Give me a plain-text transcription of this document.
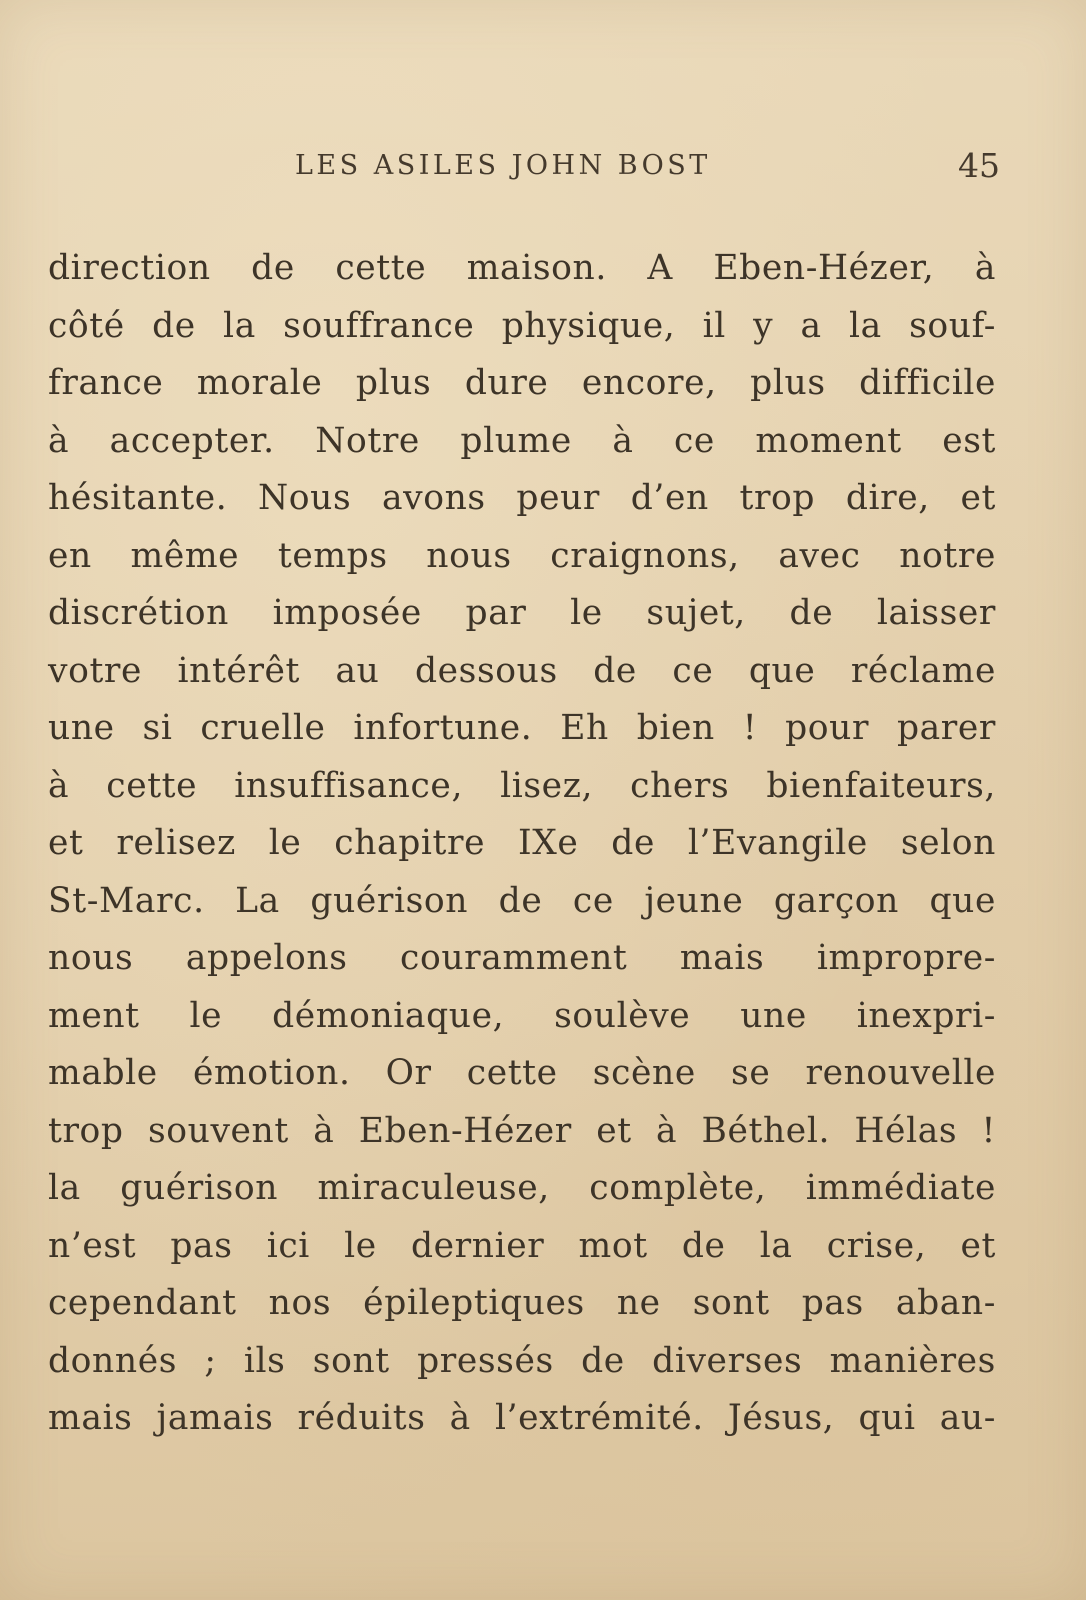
LES ASILES JOHN BOST	45
direction de cette maison. A Eben-Hézer, à
côté de la souffrance physique, il y a la souf-
france morale plus dure encore, plus difficile
à accepter. Notre plume à ce moment est
hésitante. Nous avons peur d’en trop dire, et
en même temps nous craignons, avec notre
discrétion imposée par le sujet, de laisser
votre intérêt au dessous de ce que réclame
une si cruelle infortune. Eh bien ! pour parer
à cette insuffisance, lisez, chers bienfaiteurs,
et relisez le chapitre IXe de l’Evangile selon
St-Marc. La guérison de ce jeune garçon que
nous appelons couramment mais impropre-
ment le démoniaque, soulève une inexpri-
mable émotion. Or cette scène se renouvelle
trop souvent à Eben-Hézer et à Béthel. Hélas !
la guérison miraculeuse, complète, immédiate
n’est pas ici le dernier mot de la crise, et
cependant nos épileptiques ne sont pas aban-
donnés ; ils sont pressés de diverses manières
mais jamais réduits à l’extrémité. Jésus, qui au-
